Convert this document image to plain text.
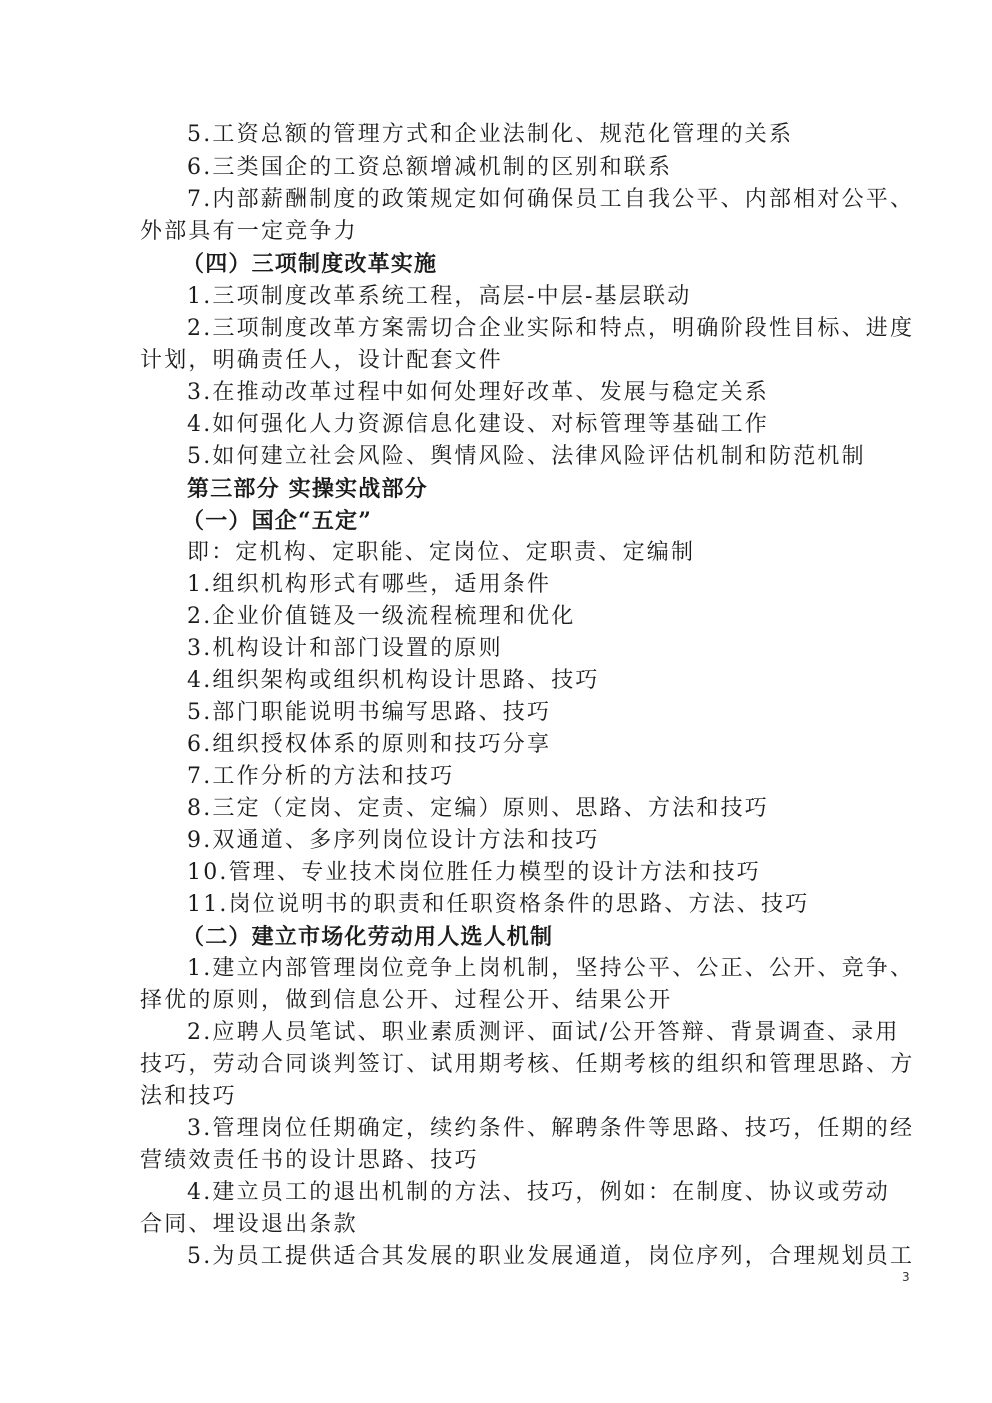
5.工资总额的管理方式和企业法制化、规范化管理的关系
6.三类国企的工资总额增减机制的区别和联系
7.内部薪酬制度的政策规定如何确保员工自我公平、内部相对公平、
外部具有一定竞争力
（四）三项制度改革实施
1.三项制度改革系统工程，高层-中层-基层联动
2.三项制度改革方案需切合企业实际和特点，明确阶段性目标、进度
计划，明确责任人，设计配套文件
3.在推动改革过程中如何处理好改革、发展与稳定关系
4.如何强化人力资源信息化建设、对标管理等基础工作
5.如何建立社会风险、舆情风险、法律风险评估机制和防范机制
第三部分 实操实战部分
（一）国企“五定”
即：定机构、定职能、定岗位、定职责、定编制
1.组织机构形式有哪些，适用条件
2.企业价值链及一级流程梳理和优化
3.机构设计和部门设置的原则
4.组织架构或组织机构设计思路、技巧
5.部门职能说明书编写思路、技巧
6.组织授权体系的原则和技巧分享
7.工作分析的方法和技巧
8.三定（定岗、定责、定编）原则、思路、方法和技巧
9.双通道、多序列岗位设计方法和技巧
10.管理、专业技术岗位胜任力模型的设计方法和技巧
11.岗位说明书的职责和任职资格条件的思路、方法、技巧
（二）建立市场化劳动用人选人机制
1.建立内部管理岗位竞争上岗机制，坚持公平、公正、公开、竞争、
择优的原则，做到信息公开、过程公开、结果公开
2.应聘人员笔试、职业素质测评、面试/公开答辩、背景调查、录用
技巧，劳动合同谈判签订、试用期考核、任期考核的组织和管理思路、方
法和技巧
3.管理岗位任期确定，续约条件、解聘条件等思路、技巧，任期的经
营绩效责任书的设计思路、技巧
4.建立员工的退出机制的方法、技巧，例如：在制度、协议或劳动
合同、埋设退出条款
5.为员工提供适合其发展的职业发展通道，岗位序列，合理规划员工
3
